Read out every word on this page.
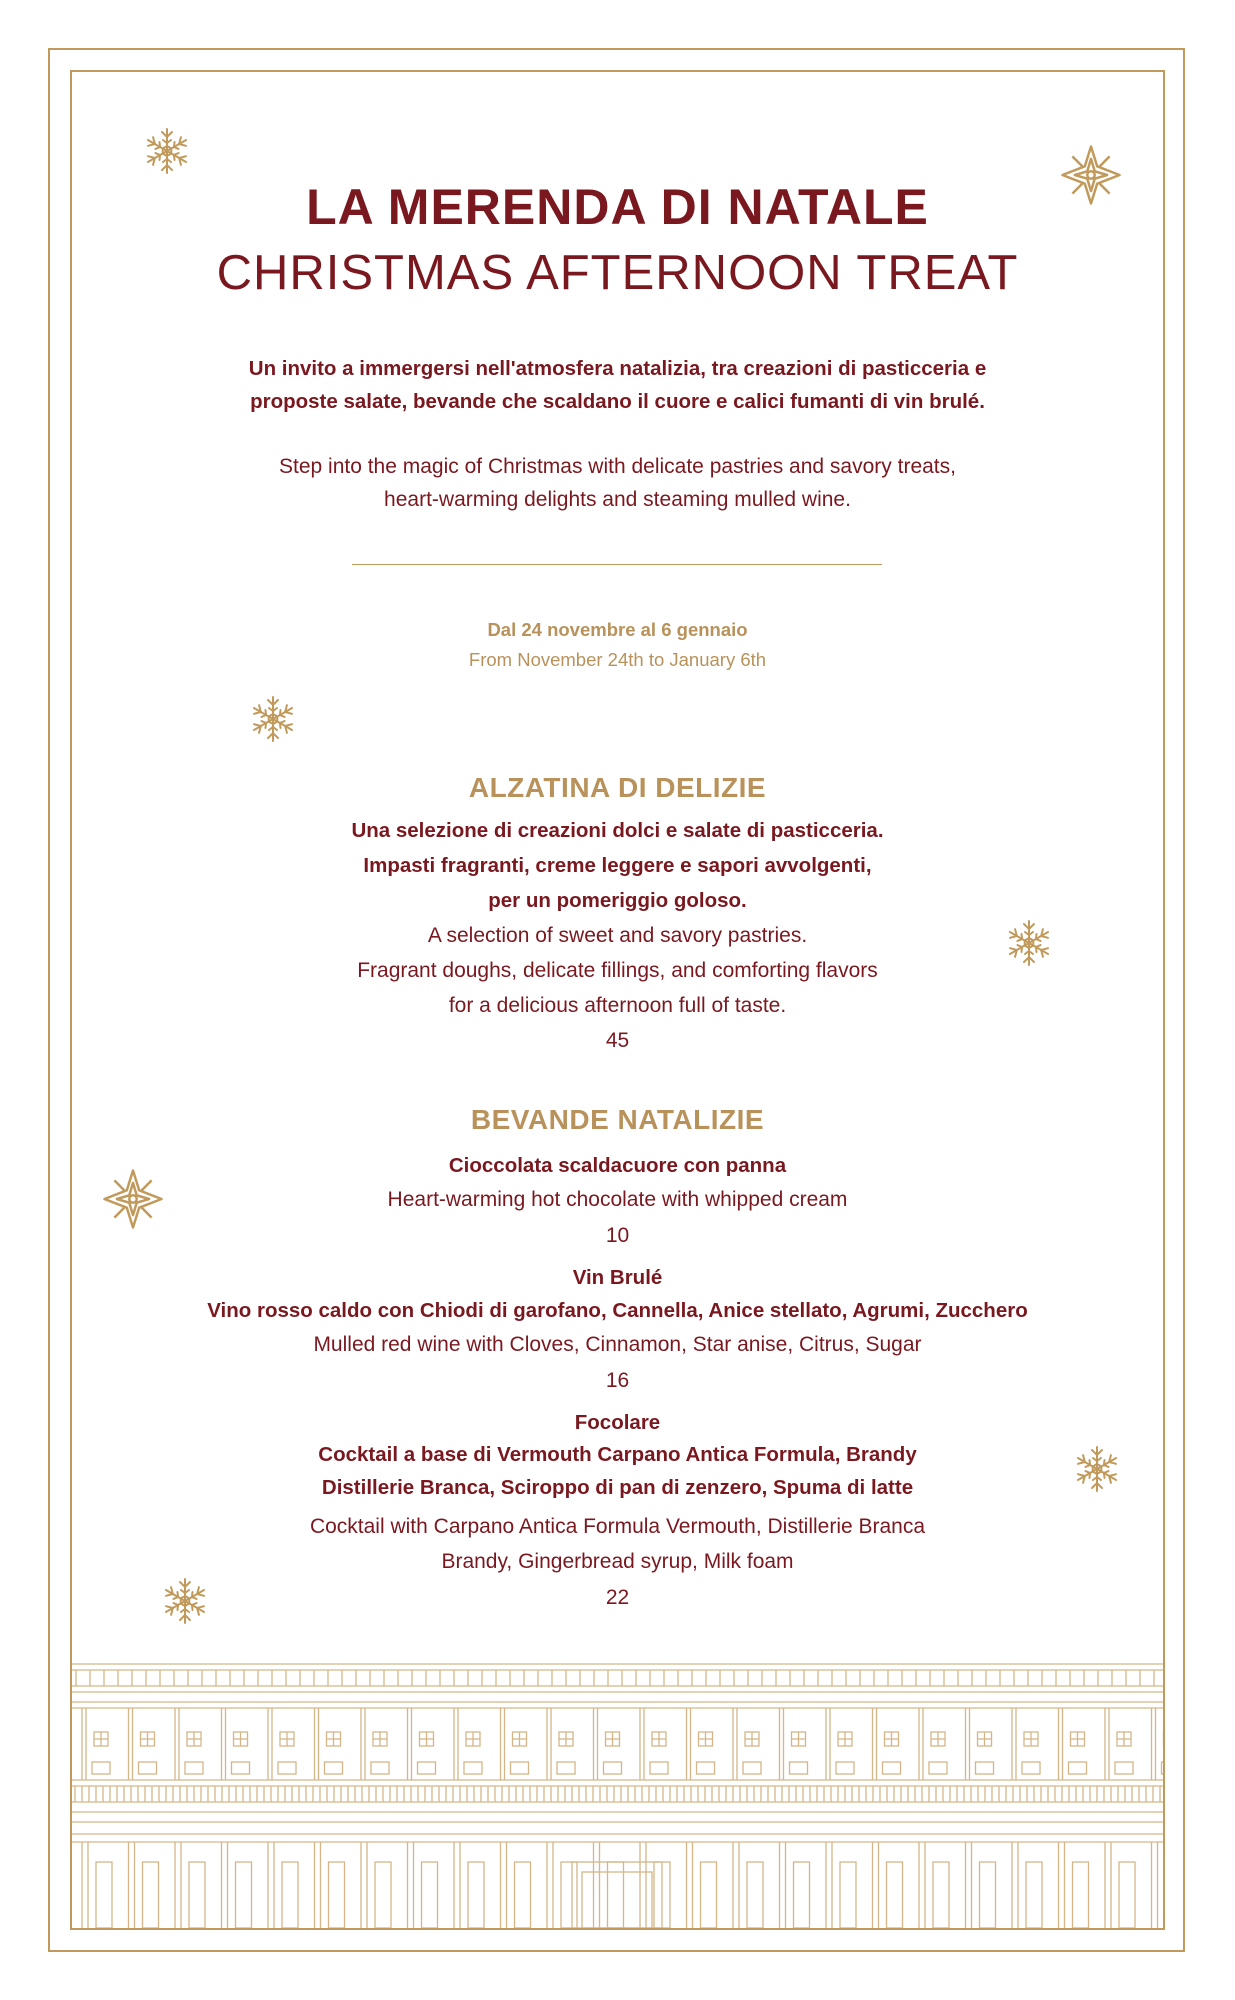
LA MERENDA DI NATALE
CHRISTMAS AFTERNOON TREAT
Un invito a immergersi nell'atmosfera natalizia, tra creazioni di pasticceria e
proposte salate, bevande che scaldano il cuore e calici fumanti di vin brulé.
Step into the magic of Christmas with delicate pastries and savory treats,
heart-warming delights and steaming mulled wine.
Dal 24 novembre al 6 gennaio
From November 24th to January 6th
ALZATINA DI DELIZIE
Una selezione di creazioni dolci e salate di pasticceria.
Impasti fragranti, creme leggere e sapori avvolgenti,
per un pomeriggio goloso.
A selection of sweet and savory pastries.
Fragrant doughs, delicate fillings, and comforting flavors
for a delicious afternoon full of taste.
45
BEVANDE NATALIZIE
Cioccolata scaldacuore con panna
Heart-warming hot chocolate with whipped cream
10
Vin Brulé
Vino rosso caldo con Chiodi di garofano, Cannella, Anice stellato, Agrumi, Zucchero
Mulled red wine with Cloves, Cinnamon, Star anise, Citrus, Sugar
16
Focolare
Cocktail a base di Vermouth Carpano Antica Formula, Brandy
Distillerie Branca, Sciroppo di pan di zenzero, Spuma di latte
Cocktail with Carpano Antica Formula Vermouth, Distillerie Branca
Brandy, Gingerbread syrup, Milk foam
22
